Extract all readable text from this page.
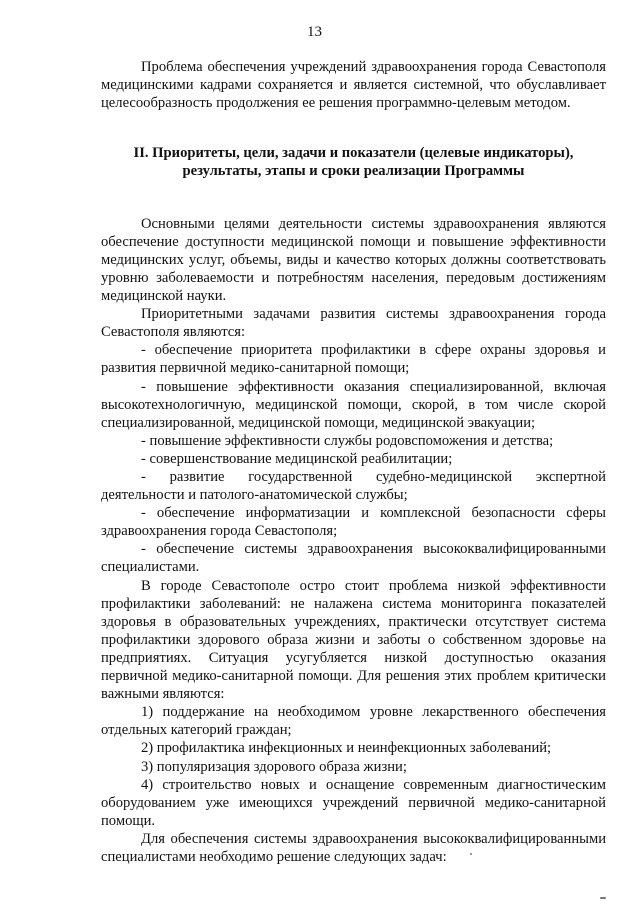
13

Проблема обеспечения учреждений здравоохранения города Севастополя медицинскими кадрами сохраняется и является системной, что обуславливает целесообразность продолжения ее решения программно-целевым методом.

II. Приоритеты, цели, задачи и показатели (целевые индикаторы), результаты, этапы и сроки реализации Программы

Основными целями деятельности системы здравоохранения являются обеспечение доступности медицинской помощи и повышение эффективности медицинских услуг, объемы, виды и качество которых должны соответствовать уровню заболеваемости и потребностям населения, передовым достижениям медицинской науки.

Приоритетными задачами развития системы здравоохранения города Севастополя являются:

- обеспечение приоритета профилактики в сфере охраны здоровья и развития первичной медико-санитарной помощи;

- повышение эффективности оказания специализированной, включая высокотехнологичную, медицинской помощи, скорой, в том числе скорой специализированной, медицинской помощи, медицинской эвакуации;

- повышение эффективности службы родовспоможения и детства;

- совершенствование медицинской реабилитации;

- развитие государственной судебно-медицинской экспертной деятельности и патолого-анатомической службы;

- обеспечение информатизации и комплексной безопасности сферы здравоохранения города Севастополя;

- обеспечение системы здравоохранения высококвалифицированными специалистами.

В городе Севастополе остро стоит проблема низкой эффективности профилактики заболеваний: не налажена система мониторинга показателей здоровья в образовательных учреждениях, практически отсутствует система профилактики здорового образа жизни и заботы о собственном здоровье на предприятиях. Ситуация усугубляется низкой доступностью оказания первичной медико-санитарной помощи. Для решения этих проблем критически важными являются:

1) поддержание на необходимом уровне лекарственного обеспечения отдельных категорий граждан;

2) профилактика инфекционных и неинфекционных заболеваний;

3) популяризация здорового образа жизни;

4) строительство новых и оснащение современным диагностическим оборудованием уже имеющихся учреждений первичной медико-санитарной помощи.

Для обеспечения системы здравоохранения высококвалифицированными специалистами необходимо решение следующих задач:
